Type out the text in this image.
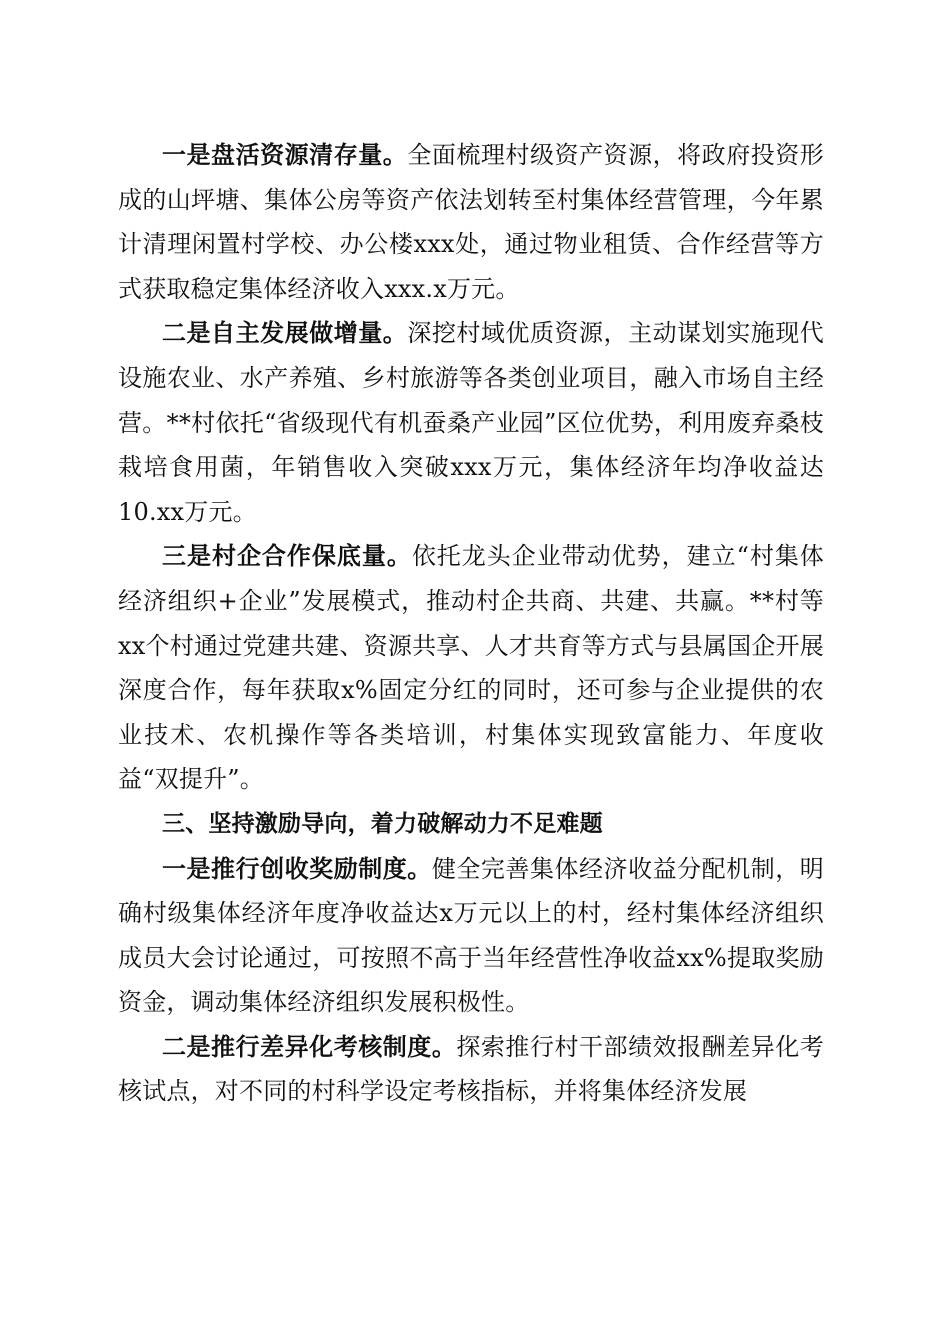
一是盘活资源清存量。全面梳理村级资产资源，将政府投资形成的山坪塘、集体公房等资产依法划转至村集体经营管理，今年累计清理闲置村学校、办公楼xxx处，通过物业租赁、合作经营等方式获取稳定集体经济收入xxx.x万元。

二是自主发展做增量。深挖村域优质资源，主动谋划实施现代设施农业、水产养殖、乡村旅游等各类创业项目，融入市场自主经营。**村依托“省级现代有机蚕桑产业园”区位优势，利用废弃桑枝栽培食用菌，年销售收入突破xxx万元，集体经济年均净收益达10.xx万元。

三是村企合作保底量。依托龙头企业带动优势，建立“村集体经济组织+企业”发展模式，推动村企共商、共建、共赢。**村等xx个村通过党建共建、资源共享、人才共育等方式与县属国企开展深度合作，每年获取x%固定分红的同时，还可参与企业提供的农业技术、农机操作等各类培训，村集体实现致富能力、年度收益“双提升”。

三、坚持激励导向，着力破解动力不足难题

一是推行创收奖励制度。健全完善集体经济收益分配机制，明确村级集体经济年度净收益达x万元以上的村，经村集体经济组织成员大会讨论通过，可按照不高于当年经营性净收益xx%提取奖励资金，调动集体经济组织发展积极性。

二是推行差异化考核制度。探索推行村干部绩效报酬差异化考核试点，对不同的村科学设定考核指标，并将集体经济发展
